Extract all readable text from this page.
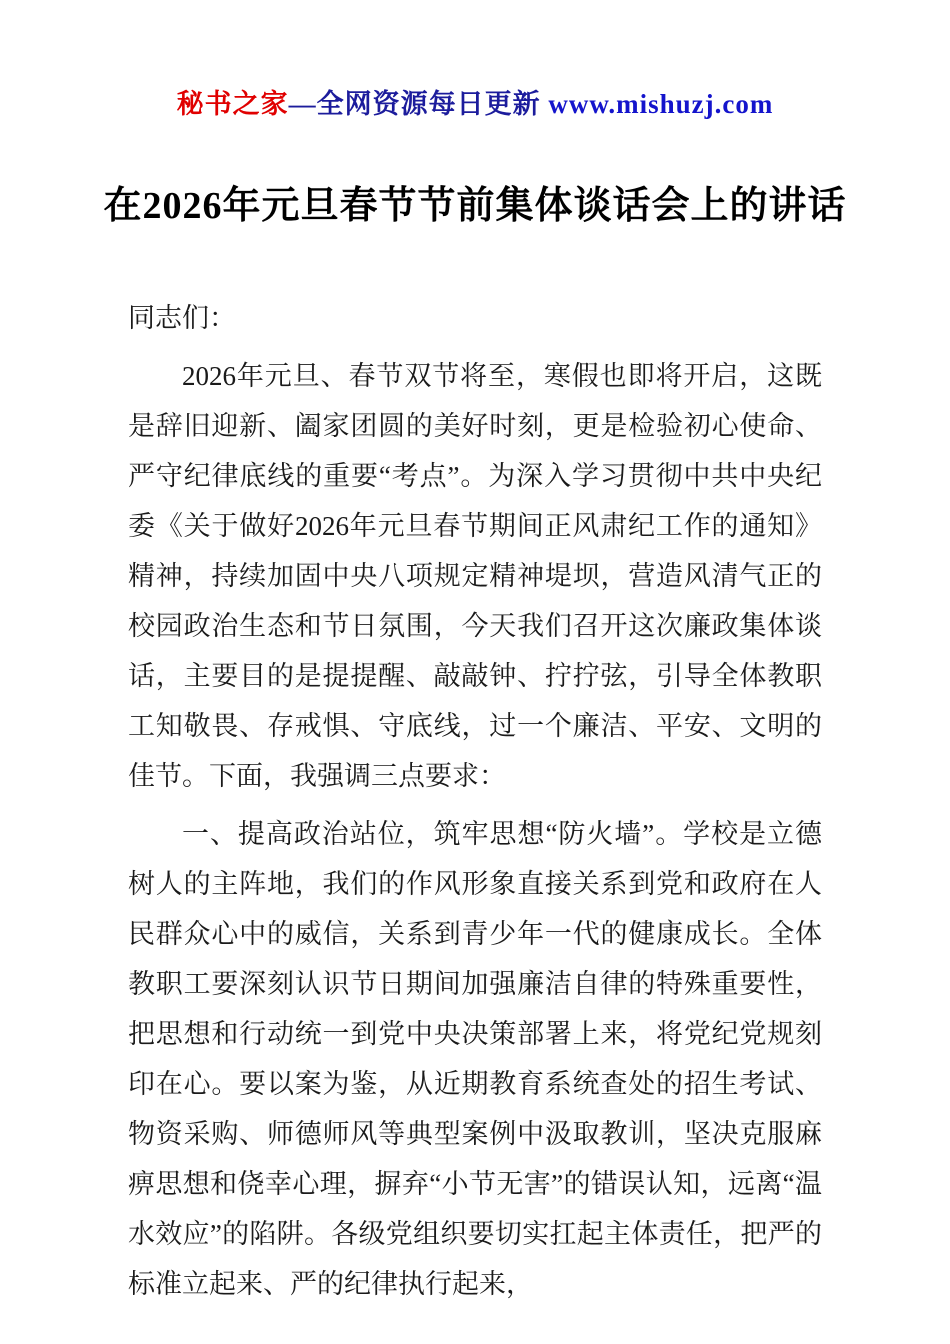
秘书之家—全网资源每日更新 www.mishuzj.com
在2026年元旦春节节前集体谈话会上的讲话

同志们：

2026年元旦、春节双节将至，寒假也即将开启，这既是辞旧迎新、阖家团圆的美好时刻，更是检验初心使命、严守纪律底线的重要“考点”。为深入学习贯彻中共中央纪委《关于做好2026年元旦春节期间正风肃纪工作的通知》精神，持续加固中央八项规定精神堤坝，营造风清气正的校园政治生态和节日氛围，今天我们召开这次廉政集体谈话，主要目的是提提醒、敲敲钟、拧拧弦，引导全体教职工知敬畏、存戒惧、守底线，过一个廉洁、平安、文明的佳节。下面，我强调三点要求：

一、提高政治站位，筑牢思想“防火墙”。学校是立德树人的主阵地，我们的作风形象直接关系到党和政府在人民群众心中的威信，关系到青少年一代的健康成长。全体教职工要深刻认识节日期间加强廉洁自律的特殊重要性，把思想和行动统一到党中央决策部署上来，将党纪党规刻印在心。要以案为鉴，从近期教育系统查处的招生考试、物资采购、师德师风等典型案例中汲取教训，坚决克服麻痹思想和侥幸心理，摒弃“小节无害”的错误认知，远离“温水效应”的陷阱。各级党组织要切实扛起主体责任，把严的标准立起来、严的纪律执行起来，
